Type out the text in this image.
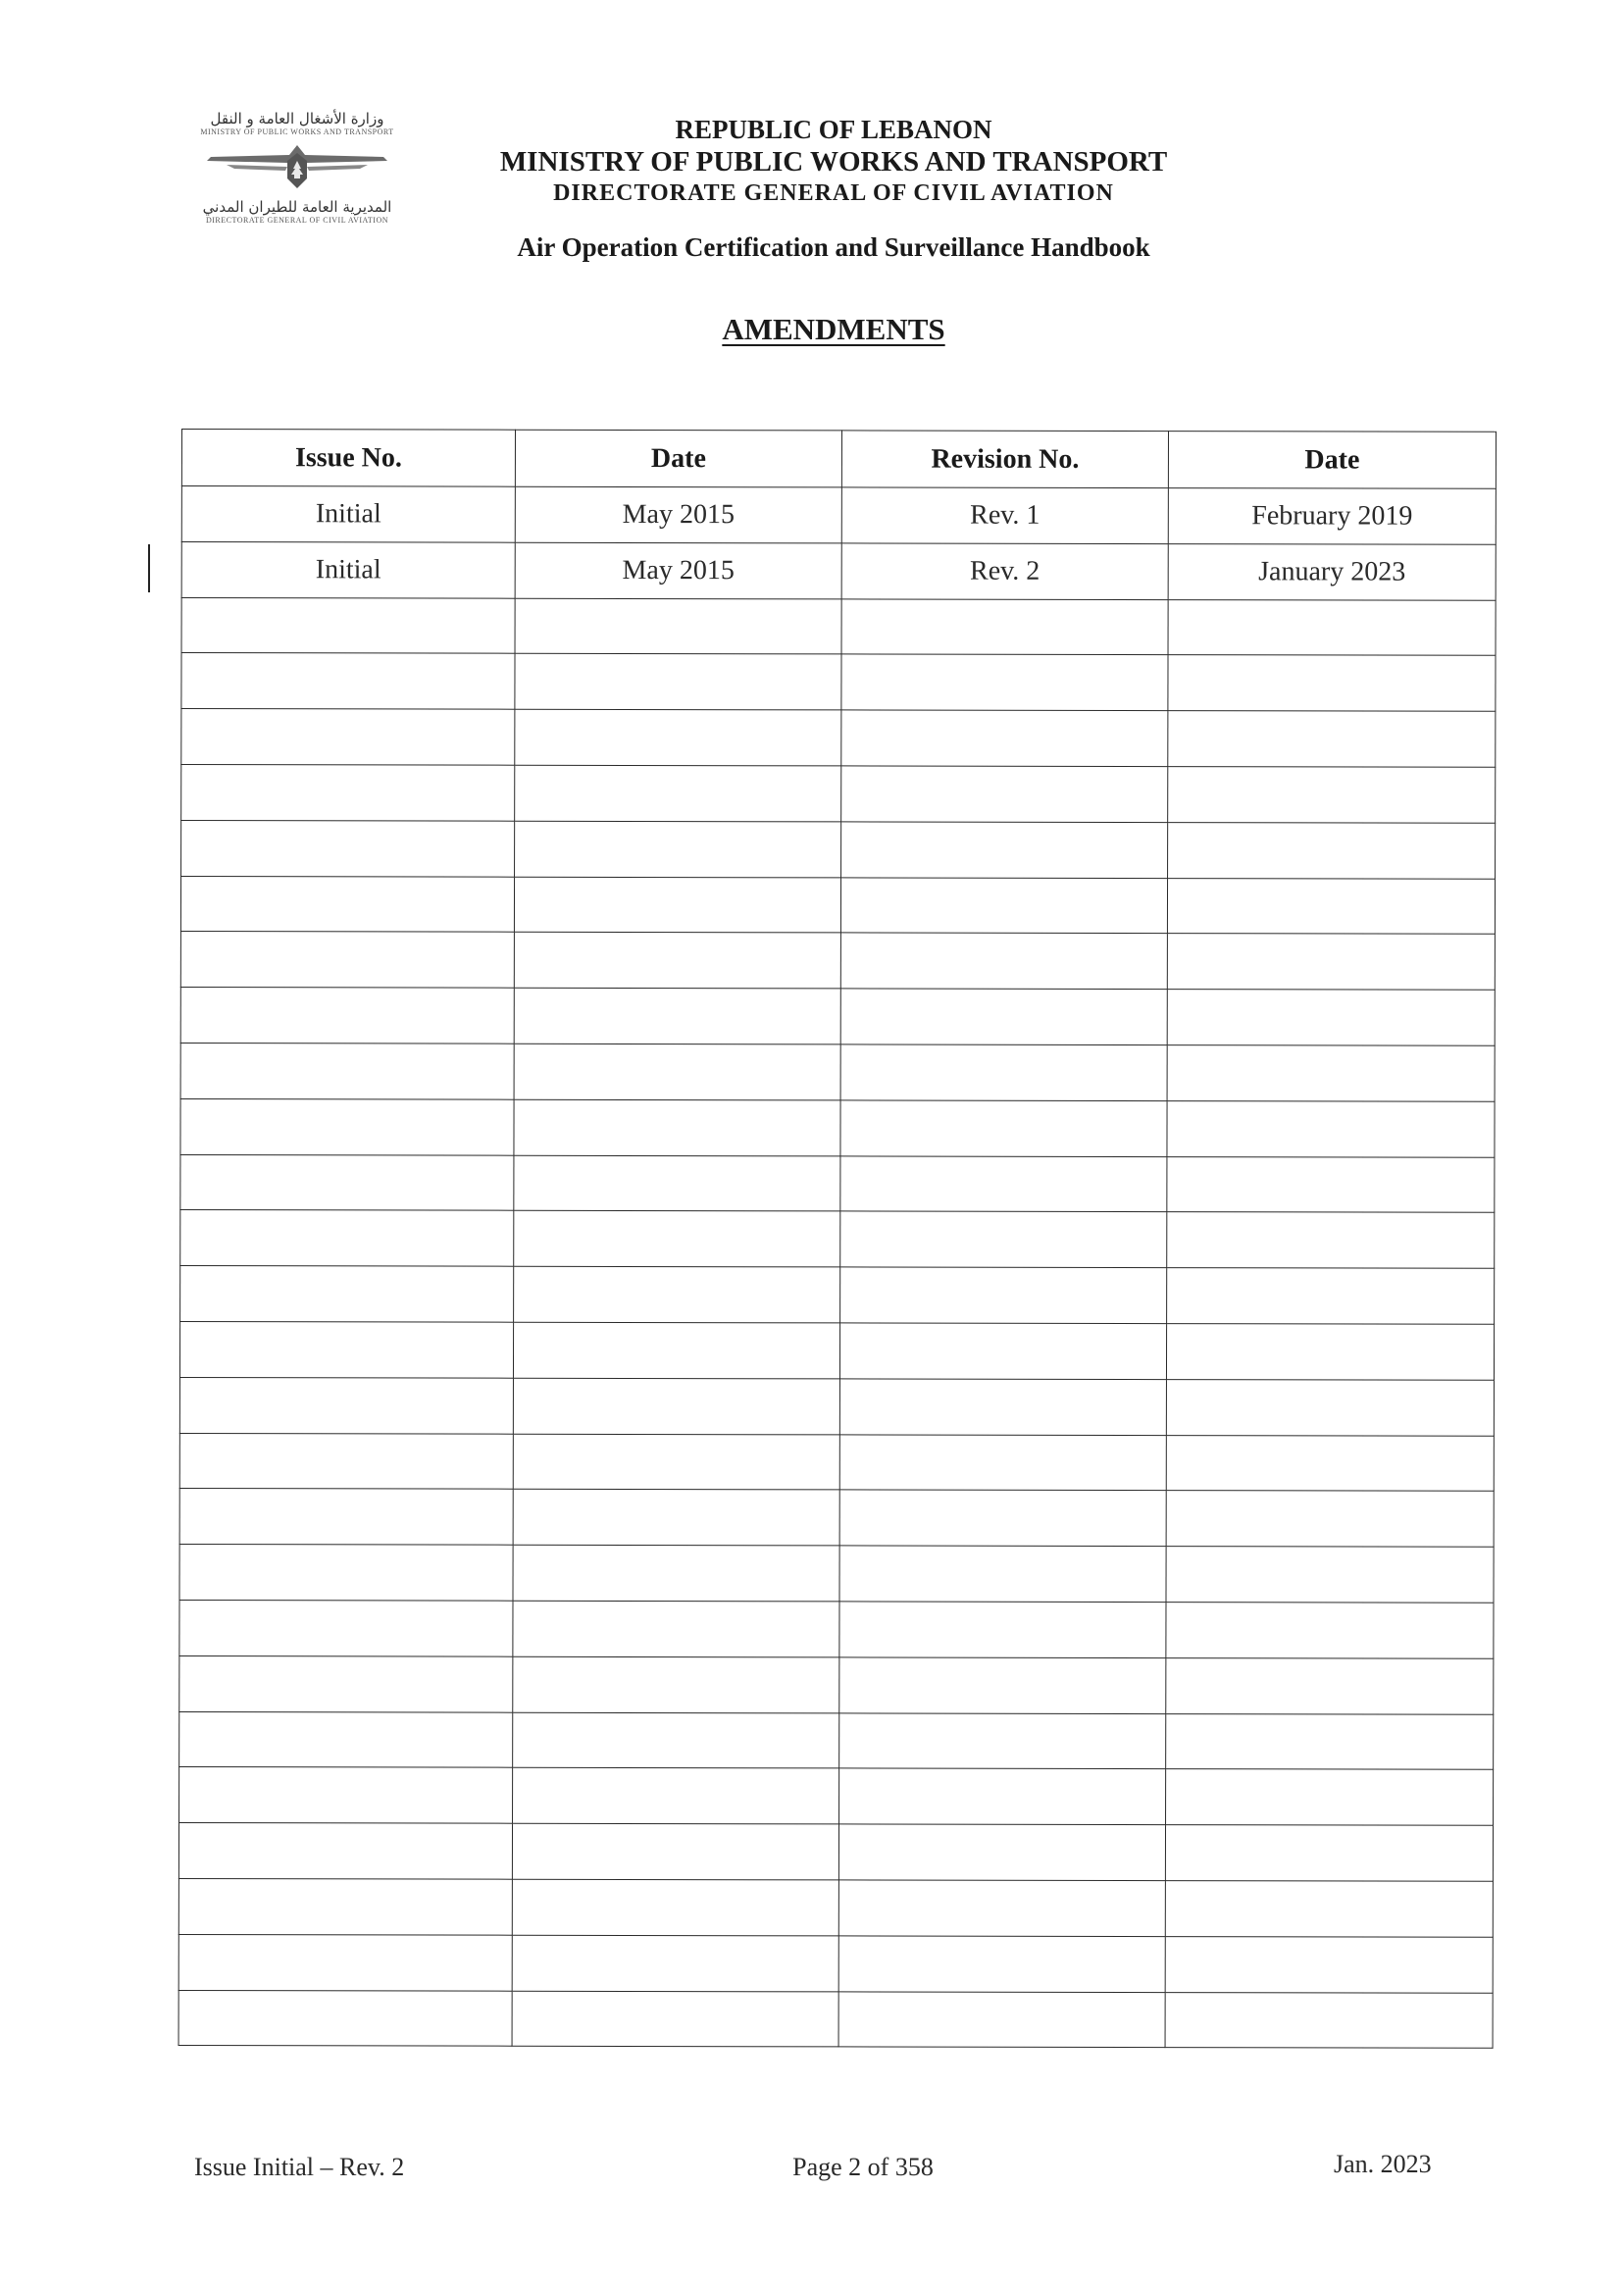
وزارة الأشغال العامة و النقل
MINISTRY OF PUBLIC WORKS AND TRANSPORT
المديرية العامة للطيران المدني
DIRECTORATE GENERAL OF CIVIL AVIATION
REPUBLIC OF LEBANON
MINISTRY OF PUBLIC WORKS AND TRANSPORT
DIRECTORATE GENERAL OF CIVIL AVIATION
Air Operation Certification and Surveillance Handbook
AMENDMENTS
Issue No.	Date	Revision No.	Date
Initial	May 2015	Rev. 1	February 2019
Initial	May 2015	Rev. 2	January 2023

Issue Initial – Rev. 2	Page 2 of 358	Jan. 2023
